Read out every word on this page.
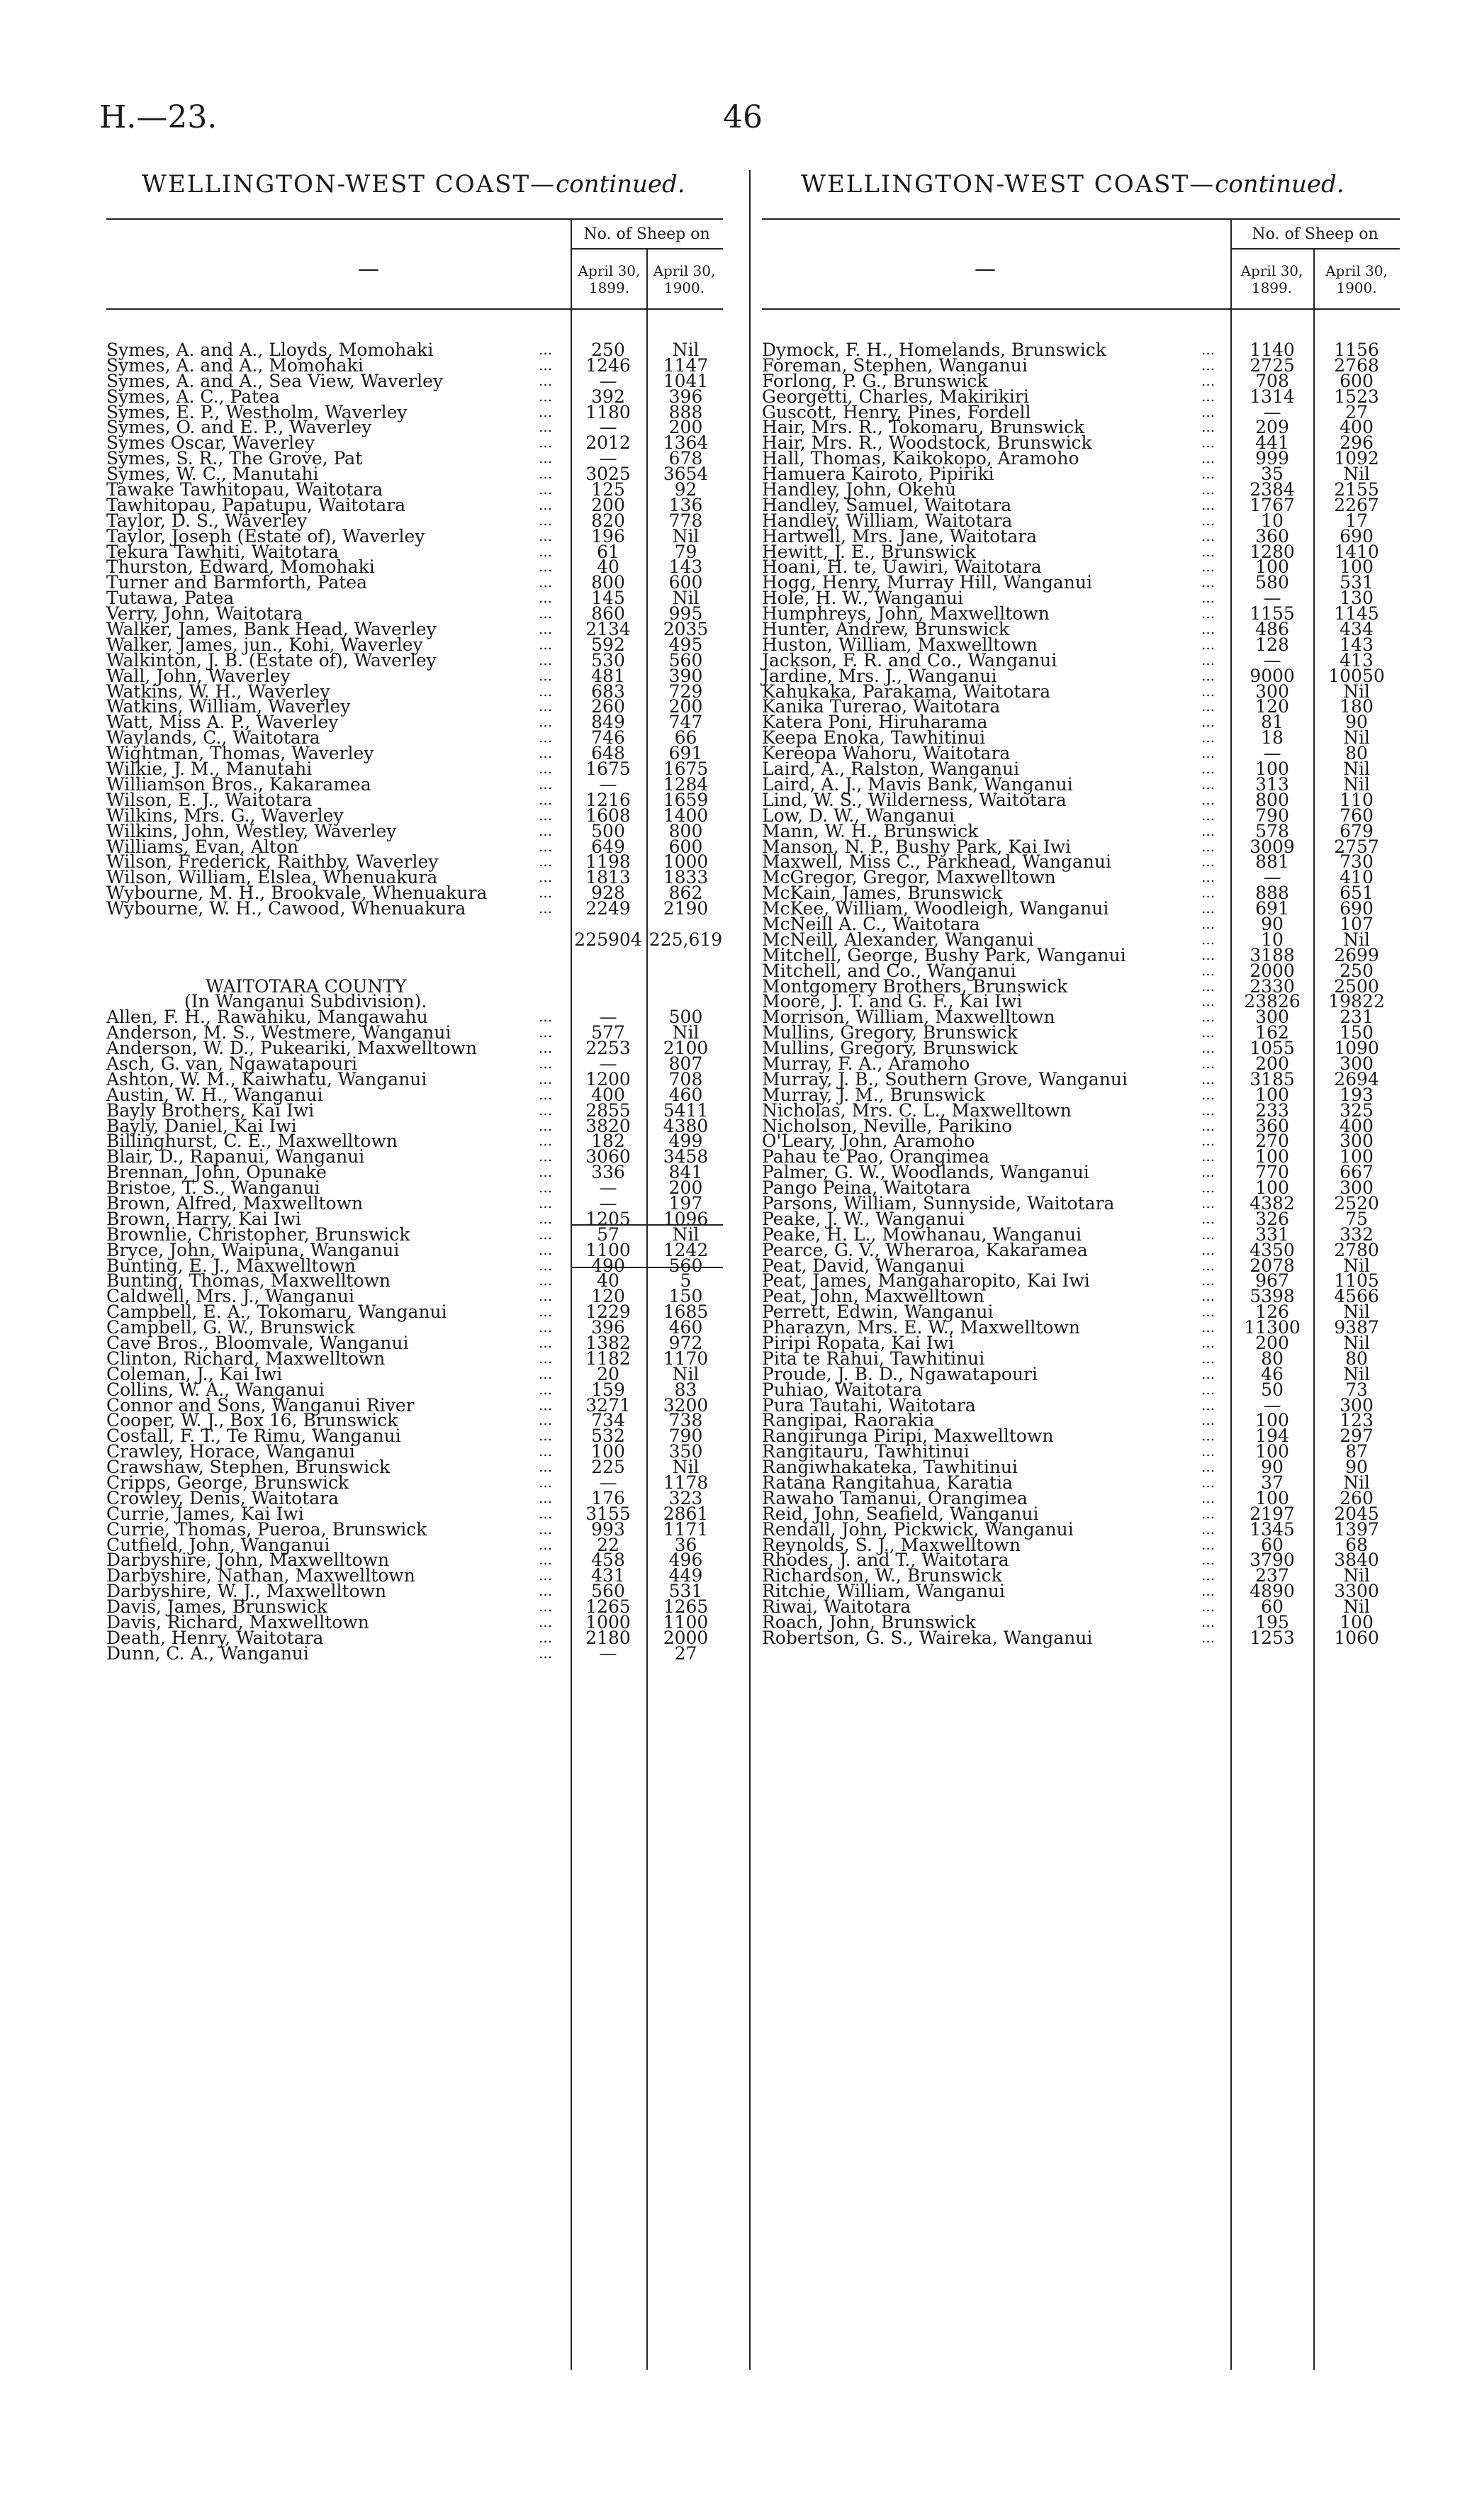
H.—23.	46
WELLINGTON-WEST COAST—continued.	WELLINGTON-WEST COAST—continued.
—
No. of Sheep on
April 30, 1899.
April 30, 1900.
—
No. of Sheep on
April 30, 1899.
April 30, 1900.
Symes, A. and A., Lloyds, Momohaki	...	250	Nil
Symes, A. and A., Momohaki	...	1246	1147
Symes, A. and A., Sea View, Waverley	...	—	1041
Symes, A. C., Patea	...	392	396
Symes, E. P., Westholm, Waverley	...	1180	888
Symes, O. and E. P., Waverley	...	—	200
Symes Oscar, Waverley	...	2012	1364
Symes, S. R., The Grove, Pat	...	—	678
Symes, W. C., Manutahi	...	3025	3654
Tawake Tawhitopau, Waitotara	...	125	92
Tawhitopau, Papatupu, Waitotara	...	200	136
Taylor, D. S., Waverley	...	820	778
Taylor, Joseph (Estate of), Waverley	...	196	Nil
Tekura Tawhiti, Waitotara	...	61	79
Thurston, Edward, Momohaki	...	40	143
Turner and Barmforth, Patea	...	800	600
Tutawa, Patea	...	145	Nil
Verry, John, Waitotara	...	860	995
Walker, James, Bank Head, Waverley	...	2134	2035
Walker, James, jun., Kohi, Waverley	...	592	495
Walkinton, J. B. (Estate of), Waverley	...	530	560
Wall, John, Waverley	...	481	390
Watkins, W. H., Waverley	...	683	729
Watkins, William, Waverley	...	260	200
Watt, Miss A. P., Waverley	...	849	747
Waylands, C., Waitotara	...	746	66
Wightman, Thomas, Waverley	...	648	691
Wilkie, J. M., Manutahi	...	1675	1675
Williamson Bros., Kakaramea	...	—	1284
Wilson, E. J., Waitotara	...	1216	1659
Wilkins, Mrs. G., Waverley	...	1608	1400
Wilkins, John, Westley, Waverley	...	500	800
Williams, Evan, Alton	...	649	600
Wilson, Frederick, Raithby, Waverley	...	1198	1000
Wilson, William, Elslea, Whenuakura	...	1813	1833
Wybourne, M. H., Brookvale, Whenuakura	...	928	862
Wybourne, W. H., Cawood, Whenuakura	...	2249	2190
225904 225,619
WAITOTARA COUNTY
(In Wanganui Subdivision).
Allen, F. H., Rawahiku, Mangawahu	...	—	500
Anderson, M. S., Westmere, Wanganui	...	577	Nil
Anderson, W. D., Pukeariki, Maxwelltown	...	2253	2100
Asch, G. van, Ngawatapouri	...	—	807
Ashton, W. M., Kaiwhatu, Wanganui	...	1200	708
Austin, W. H., Wanganui	...	400	460
Bayly Brothers, Kai Iwi	...	2855	5411
Bayly, Daniel, Kai Iwi	...	3820	4380
Billinghurst, C. E., Maxwelltown	...	182	499
Blair, D., Rapanui, Wanganui	...	3060	3458
Brennan, John, Opunake	...	336	841
Bristoe, T. S., Wanganui	...	—	200
Brown, Alfred, Maxwelltown	...	—	197
Brown, Harry, Kai Iwi	...	1205	1096
Brownlie, Christopher, Brunswick	...	57	Nil
Bryce, John, Waipuna, Wanganui	...	1100	1242
Bunting, E. J., Maxwelltown	...	490	560
Bunting, Thomas, Maxwelltown	...	40	5
Caldwell, Mrs. J., Wanganui	...	120	150
Campbell, E. A., Tokomaru, Wanganui	...	1229	1685
Campbell, G. W., Brunswick	...	396	460
Cave Bros., Bloomvale, Wanganui	...	1382	972
Clinton, Richard, Maxwelltown	...	1182	1170
Coleman, J., Kai Iwi	...	20	Nil
Collins, W. A., Wanganui	...	159	83
Connor and Sons, Wanganui River	...	3271	3200
Cooper, W. J., Box 16, Brunswick	...	734	738
Costall, F. T., Te Rimu, Wanganui	...	532	790
Crawley, Horace, Wanganui	...	100	350
Crawshaw, Stephen, Brunswick	...	225	Nil
Cripps, George, Brunswick	...	—	1178
Crowley, Denis, Waitotara	...	176	323
Currie, James, Kai Iwi	...	3155	2861
Currie, Thomas, Pueroa, Brunswick	...	993	1171
Cutfield, John, Wanganui	...	22	36
Darbyshire, John, Maxwelltown	...	458	496
Darbyshire, Nathan, Maxwelltown	...	431	449
Darbyshire, W. J., Maxwelltown	...	560	531
Davis, James, Brunswick	...	1265	1265
Davis, Richard, Maxwelltown	...	1000	1100
Death, Henry, Waitotara	...	2180	2000
Dunn, C. A., Wanganui	...	—	27
Dymock, F. H., Homelands, Brunswick	...	1140	1156
Foreman, Stephen, Wanganui	...	2725	2768
Forlong, P. G., Brunswick	...	708	600
Georgetti, Charles, Makirikiri	...	1314	1523
Guscott, Henry, Pines, Fordell	...	—	27
Hair, Mrs. R., Tokomaru, Brunswick	...	209	400
Hair, Mrs. R., Woodstock, Brunswick	...	441	296
Hall, Thomas, Kaikokopo, Aramoho	...	999	1092
Hamuera Kairoto, Pipiriki	...	35	Nil
Handley, John, Okehu	...	2384	2155
Handley, Samuel, Waitotara	...	1767	2267
Handley, William, Waitotara	...	10	17
Hartwell, Mrs. Jane, Waitotara	...	360	690
Hewitt, J. E., Brunswick	...	1280	1410
Hoani, H. te, Uawiri, Waitotara	...	100	100
Hogg, Henry, Murray Hill, Wanganui	...	580	531
Hole, H. W., Wanganui	...	—	130
Humphreys, John, Maxwelltown	...	1155	1145
Hunter, Andrew, Brunswick	...	486	434
Huston, William, Maxwelltown	...	128	143
Jackson, F. R. and Co., Wanganui	...	—	413
Jardine, Mrs. J., Wanganui	...	9000	10050
Kahukaka, Parakama, Waitotara	...	300	Nil
Kanika Turerao, Waitotara	...	120	180
Katera Poni, Hiruharama	...	81	90
Keepa Enoka, Tawhitinui	...	18	Nil
Kereopa Wahoru, Waitotara	...	—	80
Laird, A., Ralston, Wanganui	...	100	Nil
Laird, A. J., Mavis Bank, Wanganui	...	313	Nil
Lind, W. S., Wilderness, Waitotara	...	800	110
Low, D. W., Wanganui	...	790	760
Mann, W. H., Brunswick	...	578	679
Manson, N. P., Bushy Park, Kai Iwi	...	3009	2757
Maxwell, Miss C., Parkhead, Wanganui	...	881	730
McGregor, Gregor, Maxwelltown	...	—	410
McKain, James, Brunswick	...	888	651
McKee, William, Woodleigh, Wanganui	...	691	690
McNeill A. C., Waitotara	...	90	107
McNeill, Alexander, Wanganui	...	10	Nil
Mitchell, George, Bushy Park, Wanganui	...	3188	2699
Mitchell, and Co., Wanganui	...	2000	250
Montgomery Brothers, Brunswick	...	2330	2500
Moore, J. T. and G. F., Kai Iwi	...	23826	19822
Morrison, William, Maxwelltown	...	300	231
Mullins, Gregory, Brunswick	...	162	150
Mullins, Gregory, Brunswick	...	1055	1090
Murray, F. A., Aramoho	...	200	300
Murray, J. B., Southern Grove, Wanganui	...	3185	2694
Murray, J. M., Brunswick	...	100	193
Nicholas, Mrs. C. L., Maxwelltown	...	233	325
Nicholson, Neville, Parikino	...	360	400
O'Leary, John, Aramoho	...	270	300
Pahau te Pao, Orangimea	...	100	100
Palmer, G. W., Woodlands, Wanganui	...	770	667
Pango Peina, Waitotara	...	100	300
Parsons, William, Sunnyside, Waitotara	...	4382	2520
Peake, J. W., Wanganui	...	326	75
Peake, H. L., Mowhanau, Wanganui	...	331	332
Pearce, G. V., Wheraroa, Kakaramea	...	4350	2780
Peat, David, Wanganui	...	2078	Nil
Peat, James, Mangaharopito, Kai Iwi	...	967	1105
Peat, John, Maxwelltown	...	5398	4566
Perrett, Edwin, Wanganui	...	126	Nil
Pharazyn, Mrs. E. W., Maxwelltown	...	11300	9387
Piripi Ropata, Kai Iwi	...	200	Nil
Pita te Rahui, Tawhitinui	...	80	80
Proude, J. B. D., Ngawatapouri	...	46	Nil
Puhiao, Waitotara	...	50	73
Pura Tautahi, Waitotara	...	—	300
Rangipai, Raorakia	...	100	123
Rangirunga Piripi, Maxwelltown	...	194	297
Rangitauru, Tawhitinui	...	100	87
Rangiwhakateka, Tawhitinui	...	90	90
Ratana Rangitahua, Karatia	...	37	Nil
Rawaho Tamanui, Orangimea	...	100	260
Reid, John, Seafield, Wanganui	...	2197	2045
Rendall, John, Pickwick, Wanganui	...	1345	1397
Reynolds, S. J., Maxwelltown	...	60	68
Rhodes, J. and T., Waitotara	...	3790	3840
Richardson, W., Brunswick	...	237	Nil
Ritchie, William, Wanganui	...	4890	3300
Riwai, Waitotara	...	60	Nil
Roach, John, Brunswick	...	195	100
Robertson, G. S., Waireka, Wanganui	...	1253	1060
